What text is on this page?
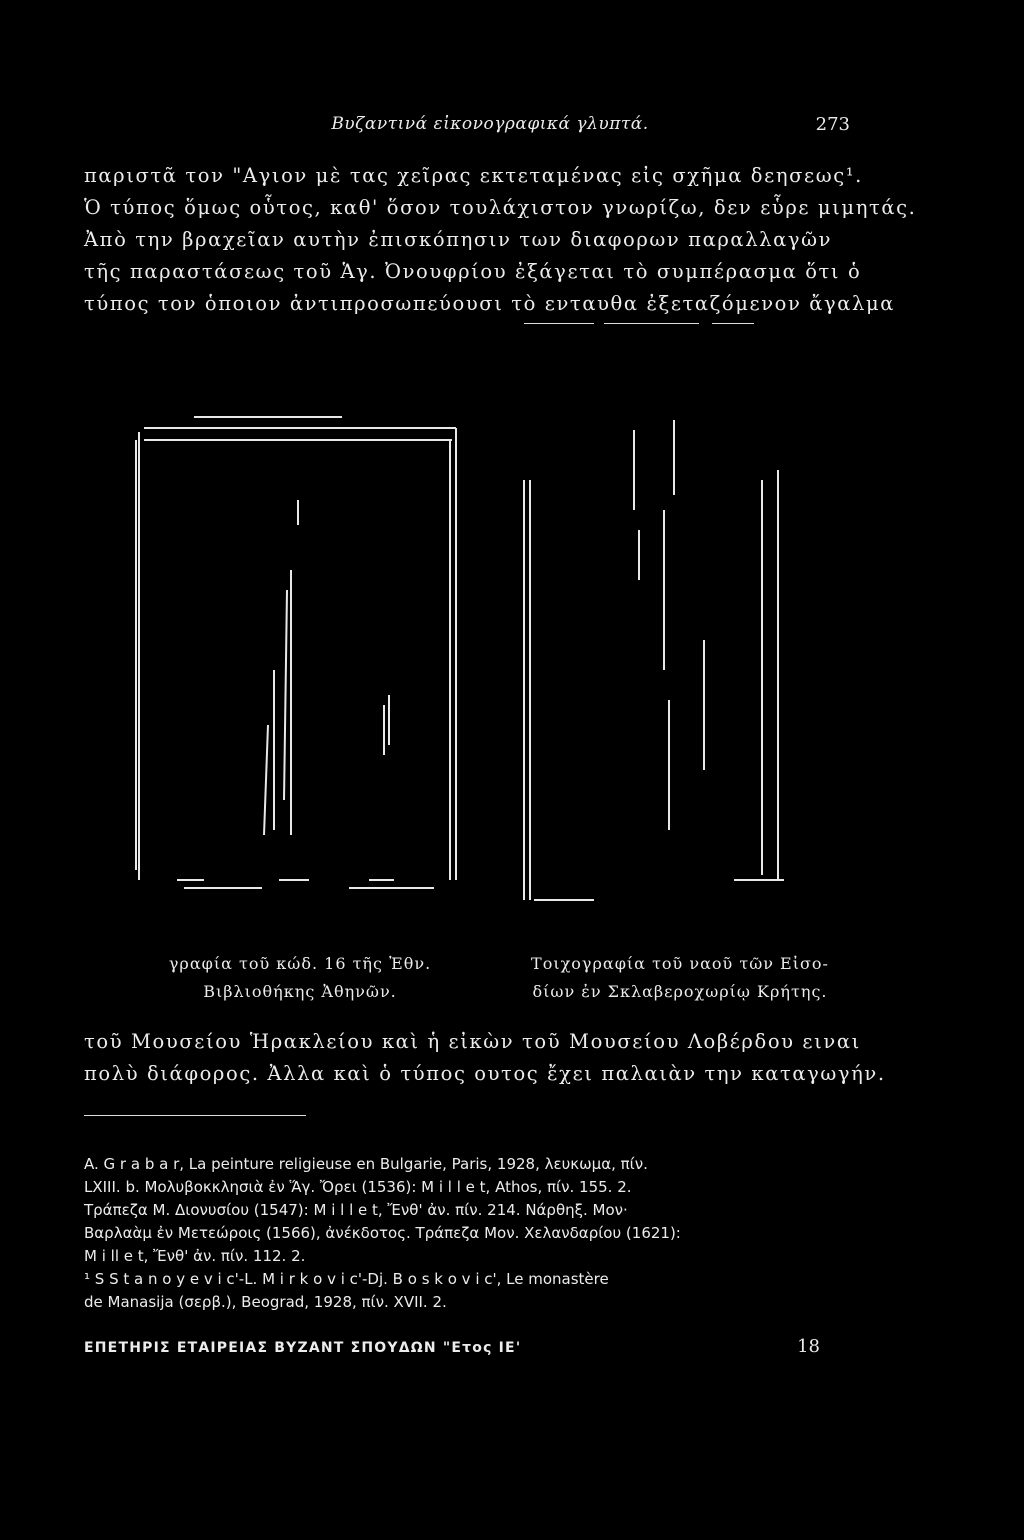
Βυζαντινά εἰκονογραφικά γλυπτά.	273
παριστᾶ τον "Αγιον μὲ τας χεῖρας εκτεταμένας εἰς σχῆμα δεησεως¹.
Ὁ τύπος ὅμως οὗτος, καθ' ὅσον τουλάχιστον γνωρίζω, δεν εὗρε μιμητάς.
Ἀπὸ την βραχεῖαν αυτὴν ἐπισκόπησιν των διαφορων παραλλαγῶν
τῆς παραστάσεως τοῦ Ἁγ. Ὀνουφρίου ἐξάγεται τὸ συμπέρασμα ὅτι ὁ
τύπος τον ὁποιον ἀντιπροσωπεύουσι τὸ ενταυθα ἐξεταζόμενον ἄγαλμα
γραφία τοῦ κώδ. 16 τῆς Ἐθν.
Βιβλιοθήκης Ἀθηνῶν.
Τοιχογραφία τοῦ ναοῦ τῶν Εἰσο-
δίων ἐν Σκλαβεροχωρίῳ Κρήτης.
τοῦ Μουσείου Ἡρακλείου καὶ ἡ εἰκὼν τοῦ Μουσείου Λοβέρδου ειναι
πολὺ διάφορος. Ἀλλα καὶ ὁ τύπος ουτος ἔχει παλαιὰν την καταγωγήν.
A. G r a b a r, La peinture religieuse en Bulgarie, Paris, 1928, λευκωμα, πίν.
LXIII. b. Μολυβοκκλησιὰ ἐν Ἅγ. Ὄρει (1536): M i l l e t, Athos, πίν. 155. 2.
Τράπεζα Μ. Διονυσίου (1547): M i l l e t, Ἔνθ' ἀν. πίν. 214. Νάρθηξ. Μον·
Βαρλαὰμ ἐν Μετεώροις (1566), ἀνέκδοτος. Τράπεζα Μον. Χελανδαρίου (1621):
M i ll e t, Ἔνθ' ἀν. πίν. 112. 2.
¹ S S t a n o y e v i c'-L. M i r k o v i c'-Dj. B o s k o v i c', Le monastère
de Manasija (σερβ.), Beograd, 1928, πίν. XVII. 2.
ΕΠΕΤΗΡΙΣ ΕΤΑΙΡΕΙΑΣ ΒΥΖΑΝΤ ΣΠΟΥΔΩΝ "Ετος ΙΕ'	18
